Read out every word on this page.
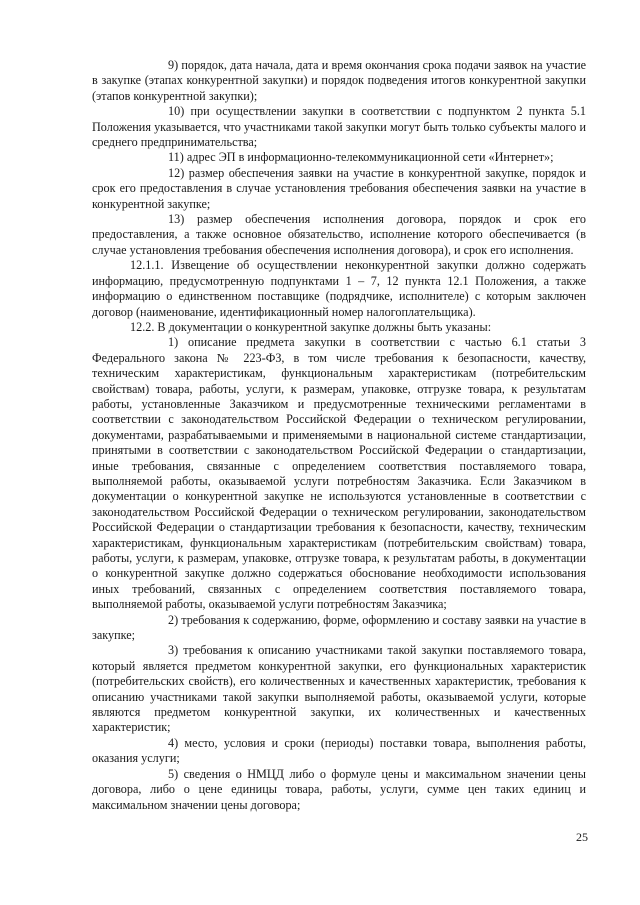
9) порядок, дата начала, дата и время окончания срока подачи заявок на участие в закупке (этапах конкурентной закупки) и порядок подведения итогов конкурентной закупки (этапов конкурентной закупки);

10) при осуществлении закупки в соответствии с подпунктом 2 пункта 5.1 Положения указывается, что участниками такой закупки могут быть только субъекты малого и среднего предпринимательства;

11) адрес ЭП в информационно-телекоммуникационной сети «Интернет»;

12) размер обеспечения заявки на участие в конкурентной закупке, порядок и срок его предоставления в случае установления требования обеспечения заявки на участие в конкурентной закупке;

13) размер обеспечения исполнения договора, порядок и срок его предоставления, а также основное обязательство, исполнение которого обеспечивается (в случае установления требования обеспечения исполнения договора), и срок его исполнения.

12.1.1. Извещение об осуществлении неконкурентной закупки должно содержать информацию, предусмотренную подпунктами 1 – 7, 12 пункта 12.1 Положения, а также информацию о единственном поставщике (подрядчике, исполнителе) с которым заключен договор (наименование, идентификационный номер налогоплательщика).

12.2. В документации о конкурентной закупке должны быть указаны:

1) описание предмета закупки в соответствии с частью 6.1 статьи 3 Федерального закона № 223-ФЗ, в том числе требования к безопасности, качеству, техническим характеристикам, функциональным характеристикам (потребительским свойствам) товара, работы, услуги, к размерам, упаковке, отгрузке товара, к результатам работы, установленные Заказчиком и предусмотренные техническими регламентами в соответствии с законодательством Российской Федерации о техническом регулировании, документами, разрабатываемыми и применяемыми в национальной системе стандартизации, принятыми в соответствии с законодательством Российской Федерации о стандартизации, иные требования, связанные с определением соответствия поставляемого товара, выполняемой работы, оказываемой услуги потребностям Заказчика. Если Заказчиком в документации о конкурентной закупке не используются установленные в соответствии с законодательством Российской Федерации о техническом регулировании, законодательством Российской Федерации о стандартизации требования к безопасности, качеству, техническим характеристикам, функциональным характеристикам (потребительским свойствам) товара, работы, услуги, к размерам, упаковке, отгрузке товара, к результатам работы, в документации о конкурентной закупке должно содержаться обоснование необходимости использования иных требований, связанных с определением соответствия поставляемого товара, выполняемой работы, оказываемой услуги потребностям Заказчика;

2) требования к содержанию, форме, оформлению и составу заявки на участие в закупке;

3) требования к описанию участниками такой закупки поставляемого товара, который является предметом конкурентной закупки, его функциональных характеристик (потребительских свойств), его количественных и качественных характеристик, требования к описанию участниками такой закупки выполняемой работы, оказываемой услуги, которые являются предметом конкурентной закупки, их количественных и качественных характеристик;

4) место, условия и сроки (периоды) поставки товара, выполнения работы, оказания услуги;

5) сведения о НМЦД либо о формуле цены и максимальном значении цены договора, либо о цене единицы товара, работы, услуги, сумме цен таких единиц и максимальном значении цены договора;

25
